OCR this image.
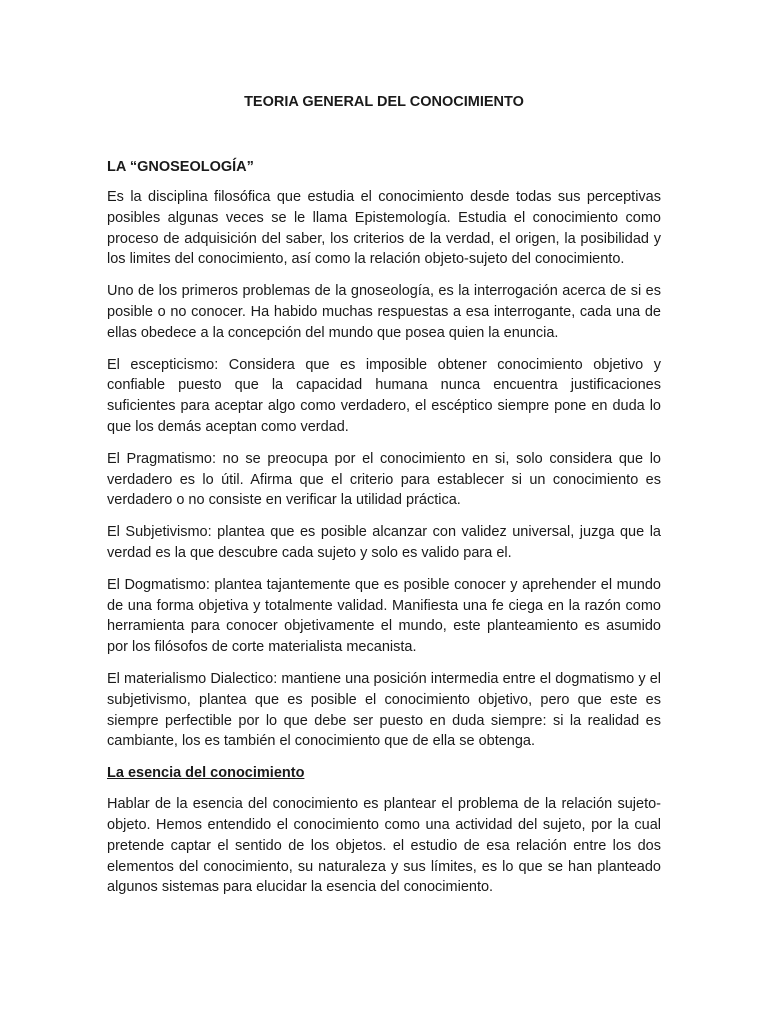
TEORIA GENERAL DEL CONOCIMIENTO

LA “GNOSEOLOGÍA”

Es la disciplina filosófica que estudia el conocimiento desde todas sus perceptivas posibles algunas veces se le llama Epistemología. Estudia el conocimiento como proceso de adquisición del saber, los criterios de la verdad, el origen, la posibilidad y los limites del conocimiento, así como la relación objeto-sujeto del conocimiento.

Uno de los primeros problemas de la gnoseología, es la interrogación acerca de si es posible o no conocer. Ha habido muchas respuestas a esa interrogante, cada una de ellas obedece a la concepción del mundo que posea quien la enuncia.

El escepticismo: Considera que es imposible obtener conocimiento objetivo y confiable puesto que la capacidad humana nunca encuentra justificaciones suficientes para aceptar algo como verdadero, el escéptico siempre pone en duda lo que los demás aceptan como verdad.

El Pragmatismo: no se preocupa por el conocimiento en si, solo considera que lo verdadero es lo útil. Afirma que el criterio para establecer si un conocimiento es verdadero o no consiste en verificar la utilidad práctica.

El Subjetivismo: plantea que es posible alcanzar con validez universal, juzga que la verdad es la que descubre cada sujeto y solo es valido para el.

El Dogmatismo: plantea tajantemente que es posible conocer y aprehender el mundo de una forma objetiva y totalmente validad. Manifiesta una fe ciega en la razón como herramienta para conocer objetivamente el mundo, este planteamiento es asumido por los filósofos de corte materialista mecanista.

El materialismo Dialectico: mantiene una posición intermedia entre el dogmatismo y el subjetivismo, plantea que es posible el conocimiento objetivo, pero que este es siempre perfectible por lo que debe ser puesto en duda siempre: si la realidad es cambiante, los es también el conocimiento que de ella se obtenga.

La esencia del conocimiento

Hablar de la esencia del conocimiento es plantear el problema de la relación sujeto-objeto. Hemos entendido el conocimiento como una actividad del sujeto, por la cual pretende captar el sentido de los objetos. el estudio de esa relación entre los dos elementos del conocimiento, su naturaleza y sus límites, es lo que se han planteado algunos sistemas para elucidar la esencia del conocimiento.
